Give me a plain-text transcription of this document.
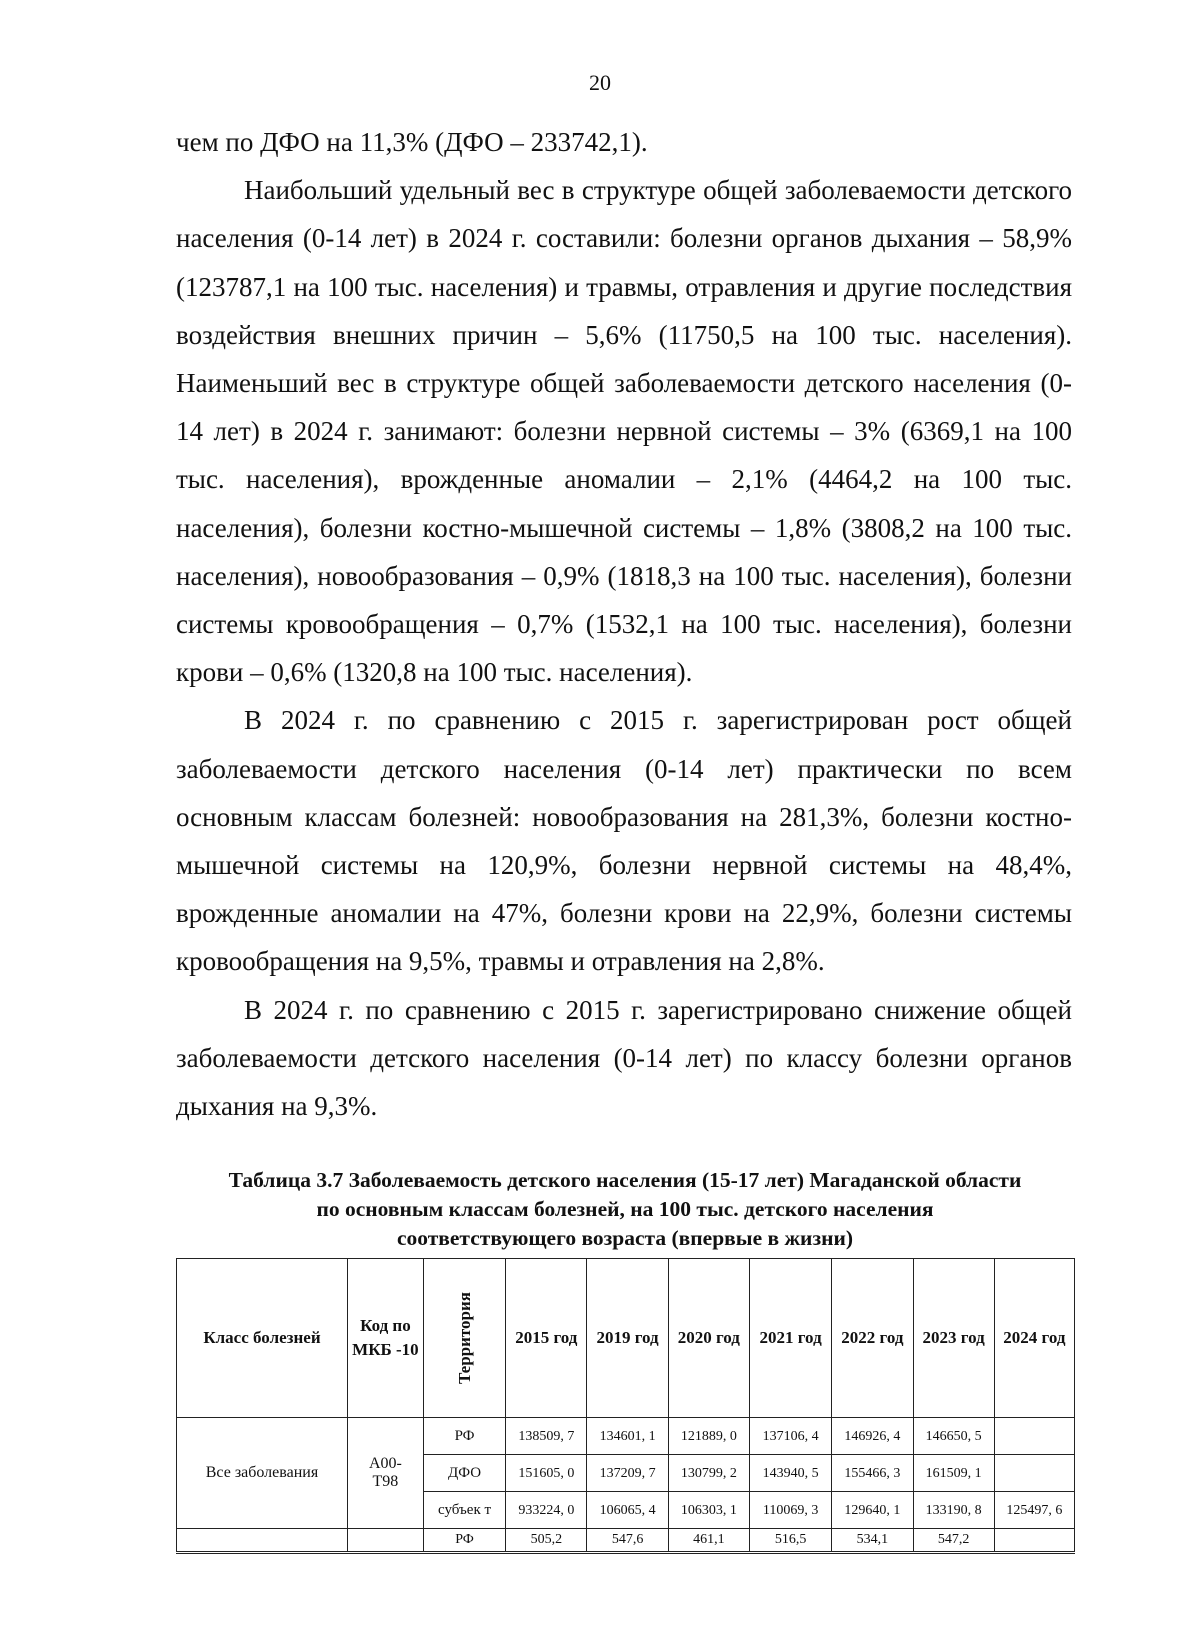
20

чем по ДФО на 11,3% (ДФО – 233742,1).

Наибольший удельный вес в структуре общей заболеваемости детского населения (0-14 лет) в 2024 г. составили: болезни органов дыхания – 58,9% (123787,1 на 100 тыс. населения) и травмы, отравления и другие последствия воздействия внешних причин – 5,6% (11750,5 на 100 тыс. населения). Наименьший вес в структуре общей заболеваемости детского населения (0-14 лет) в 2024 г. занимают: болезни нервной системы – 3% (6369,1 на 100 тыс. населения), врожденные аномалии – 2,1% (4464,2 на 100 тыс. населения), болезни костно-мышечной системы – 1,8% (3808,2 на 100 тыс. населения), новообразования – 0,9% (1818,3 на 100 тыс. населения), болезни системы кровообращения – 0,7% (1532,1 на 100 тыс. населения), болезни крови – 0,6% (1320,8 на 100 тыс. населения).

В 2024 г. по сравнению с 2015 г. зарегистрирован рост общей заболеваемости детского населения (0-14 лет) практически по всем основным классам болезней: новообразования на 281,3%, болезни костно-мышечной системы на 120,9%, болезни нервной системы на 48,4%, врожденные аномалии на 47%, болезни крови на 22,9%, болезни системы кровообращения на 9,5%, травмы и отравления на 2,8%.

В 2024 г. по сравнению с 2015 г. зарегистрировано снижение общей заболеваемости детского населения (0-14 лет) по классу болезни органов дыхания на 9,3%.

Таблица 3.7 Заболеваемость детского населения (15-17 лет) Магаданской области
по основным классам болезней, на 100 тыс. детского населения
соответствующего возраста (впервые в жизни)
Класс болезней	Код по МКБ -10	Территория	2015 год	2019 год	2020 год	2021 год	2022 год	2023 год	2024 год
Все заболевания	А00-Т98	РФ	138509, 7	134601, 1	121889, 0	137106, 4	146926, 4	146650, 5	
		ДФО	151605, 0	137209, 7	130799, 2	143940, 5	155466, 3	161509, 1	
		субъек т	933224, 0	106065, 4	106303, 1	110069, 3	129640, 1	133190, 8	125497, 6
		РФ	505,2	547,6	461,1	516,5	534,1	547,2	
